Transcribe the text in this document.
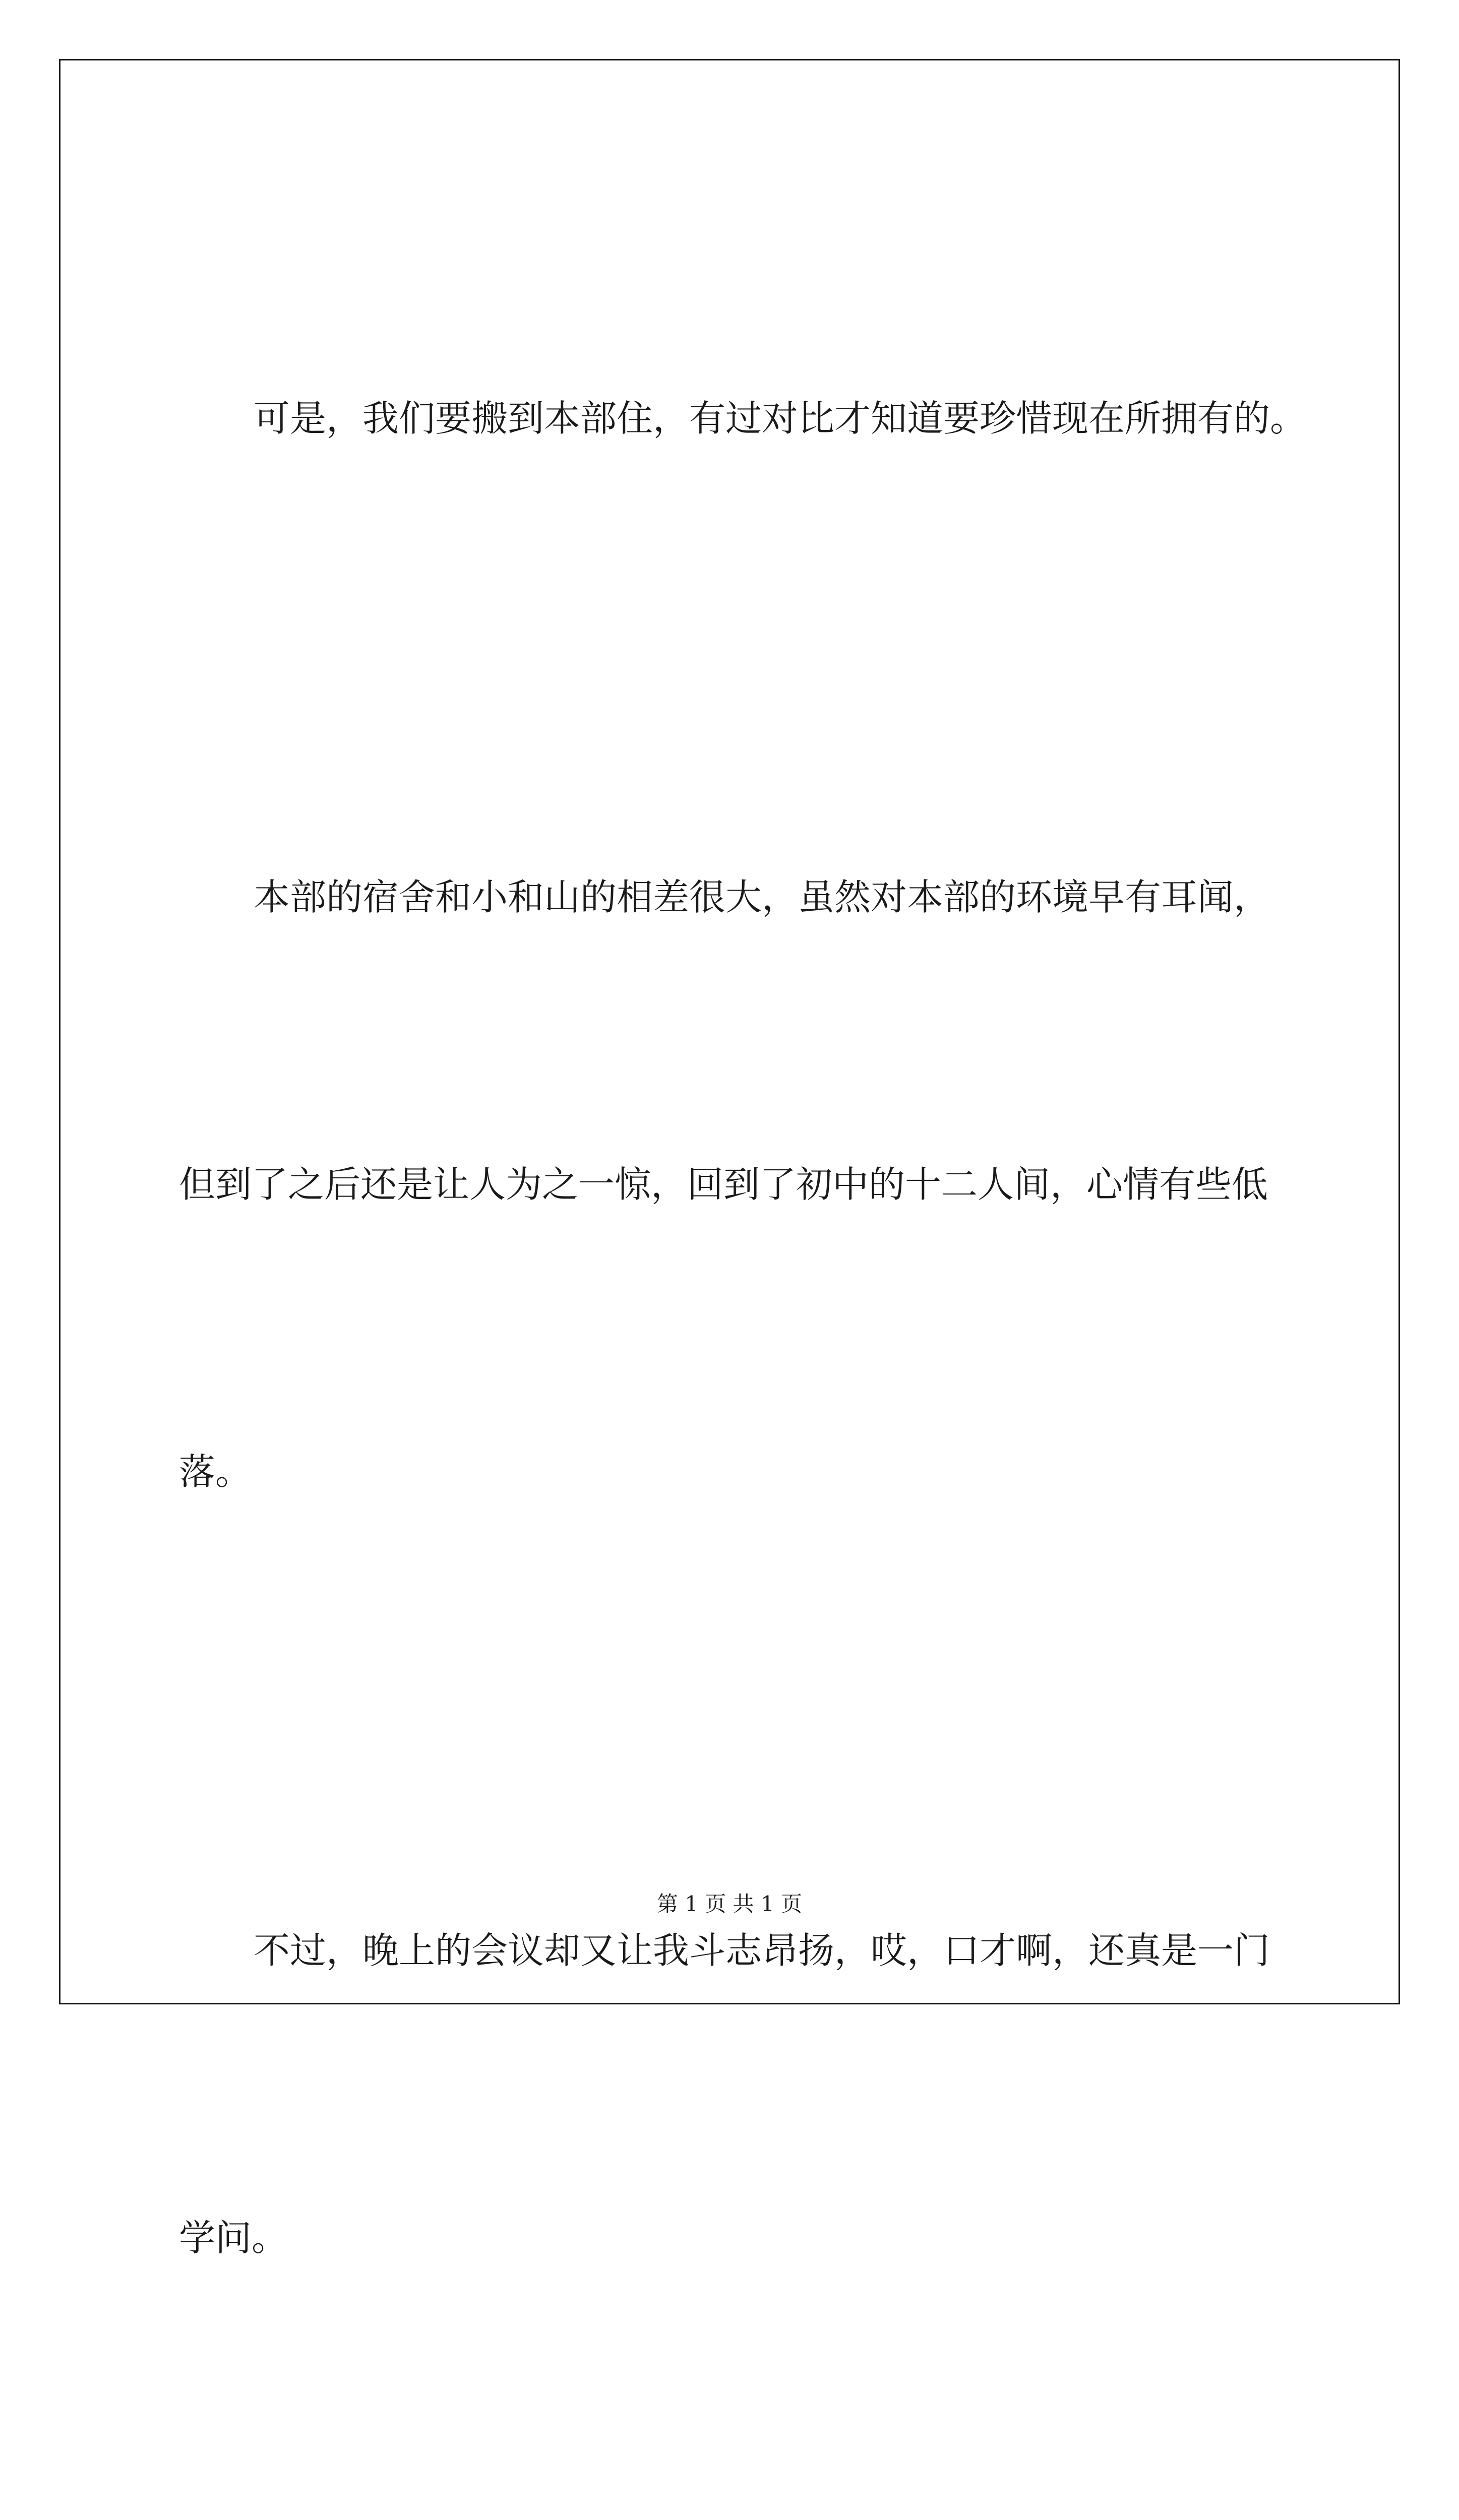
可是，我们要搬到本部住，有过对比才知道要珍惜现在所拥有的。

本部的宿舍和小和山的相差很大，虽然对本部的环境早有耳闻，

但到了之后还是让人为之一惊，回到了初中的十二人间，心情有些低

落。

不过，晚上的会议却又让我斗志昂扬，哎，口才啊，还真是一门

学问。

第 1 页 共 1 页
